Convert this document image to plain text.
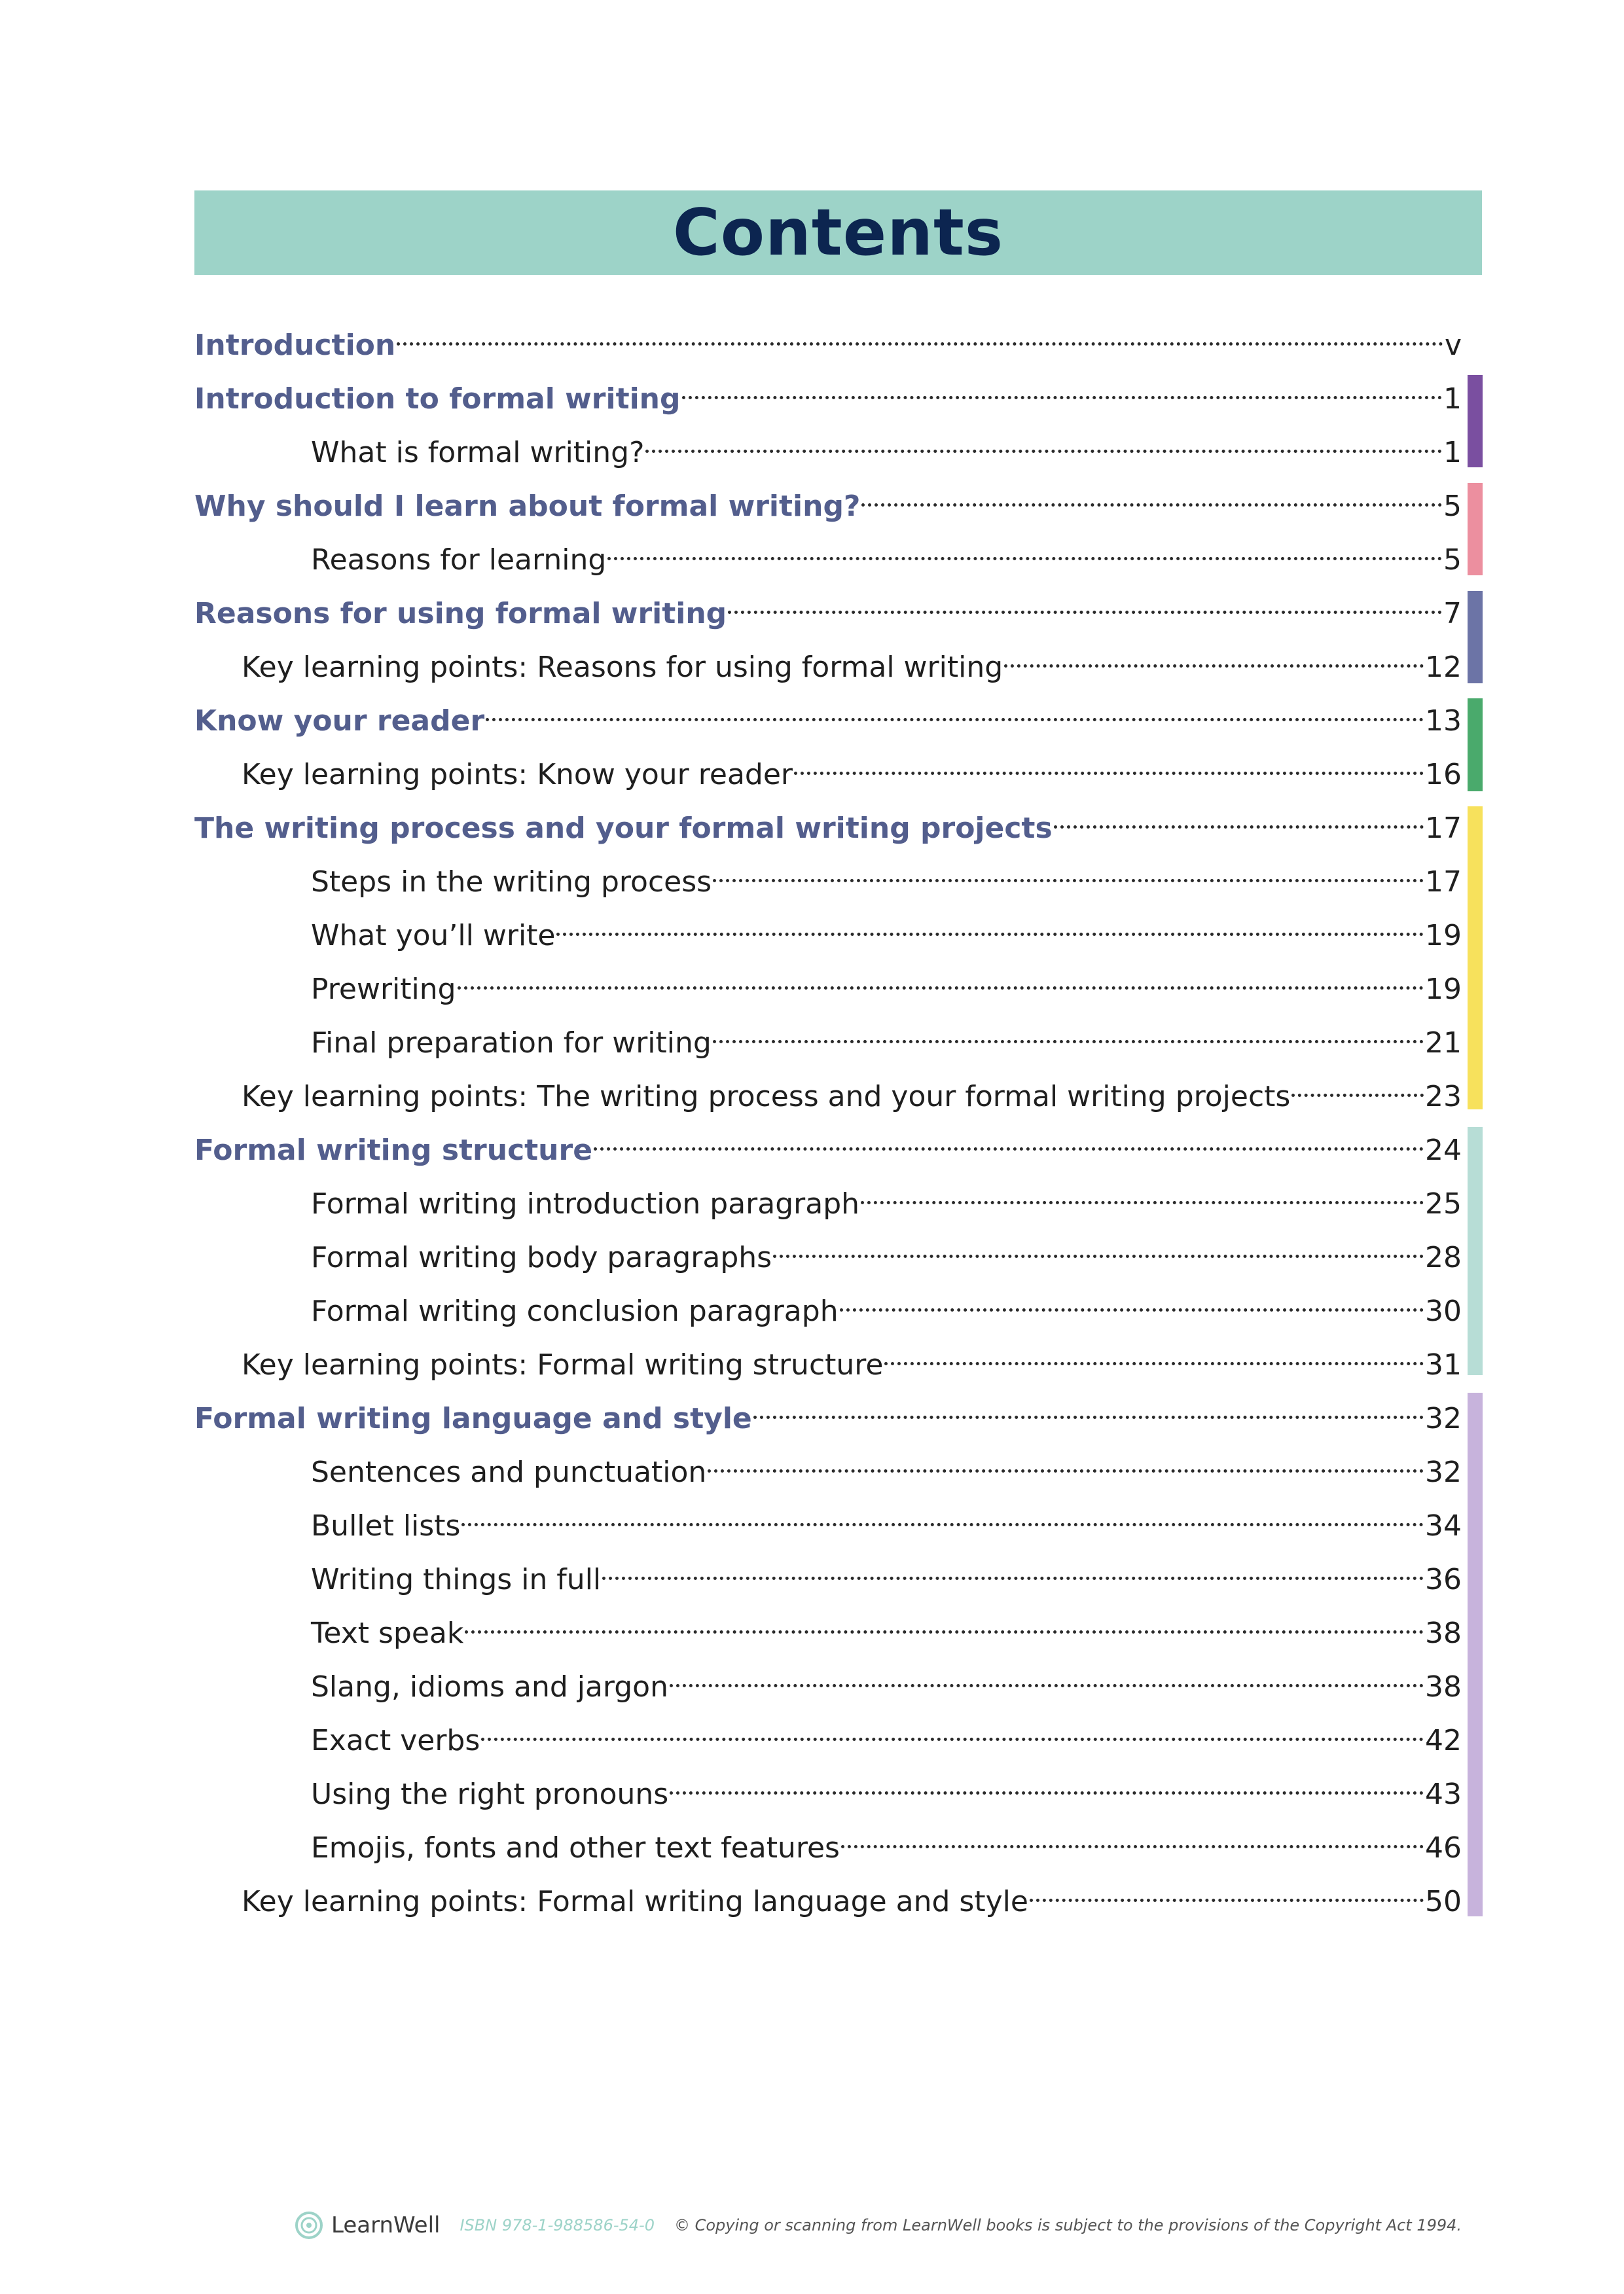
Contents
Introduction	v
Introduction to formal writing	1
What is formal writing?	1
Why should I learn about formal writing?	5
Reasons for learning	5
Reasons for using formal writing	7
Key learning points: Reasons for using formal writing	12
Know your reader	13
Key learning points: Know your reader	16
The writing process and your formal writing projects	17
Steps in the writing process	17
What you’ll write	19
Prewriting	19
Final preparation for writing	21
Key learning points: The writing process and your formal writing projects	23
Formal writing structure	24
Formal writing introduction paragraph	25
Formal writing body paragraphs	28
Formal writing conclusion paragraph	30
Key learning points: Formal writing structure	31
Formal writing language and style	32
Sentences and punctuation	32
Bullet lists	34
Writing things in full	36
Text speak	38
Slang, idioms and jargon	38
Exact verbs	42
Using the right pronouns	43
Emojis, fonts and other text features	46
Key learning points: Formal writing language and style	50
LearnWell ISBN 978-1-988586-54-0 © Copying or scanning from LearnWell books is subject to the provisions of the Copyright Act 1994.
